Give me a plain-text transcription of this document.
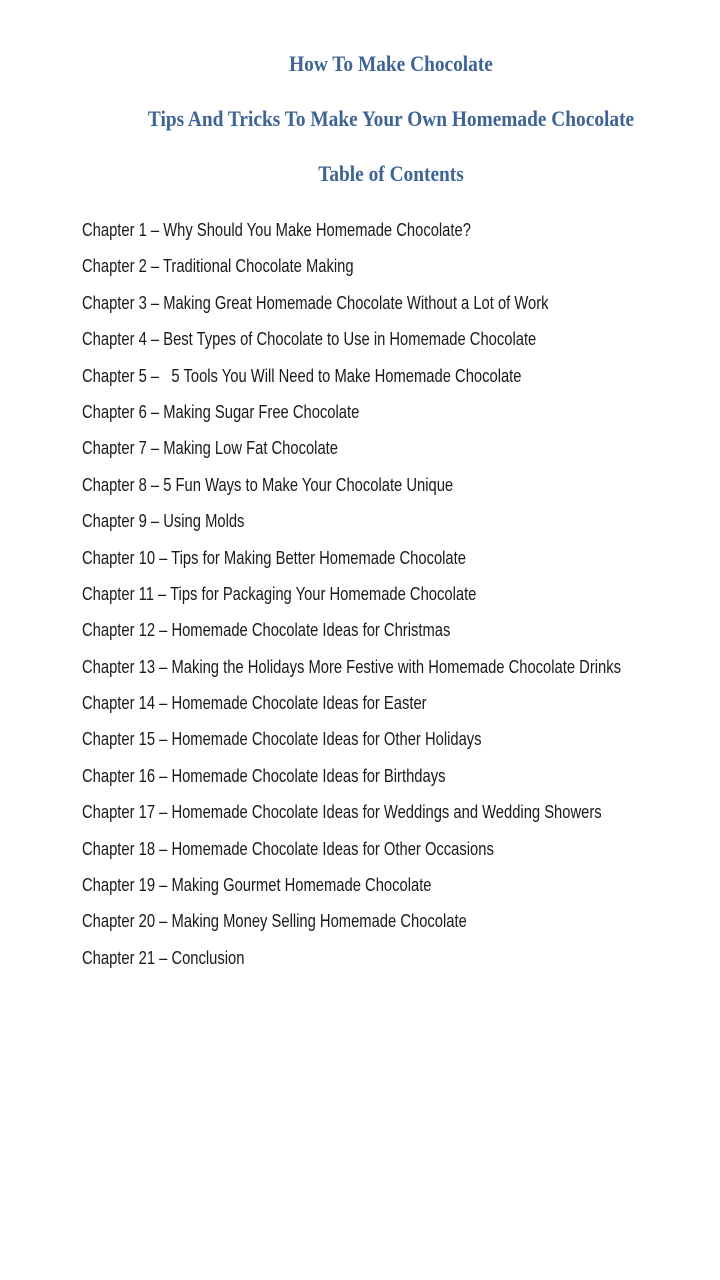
How To Make Chocolate
Tips And Tricks To Make Your Own Homemade Chocolate
Table of Contents
Chapter 1 – Why Should You Make Homemade Chocolate?
Chapter 2 – Traditional Chocolate Making
Chapter 3 – Making Great Homemade Chocolate Without a Lot of Work
Chapter 4 – Best Types of Chocolate to Use in Homemade Chocolate
Chapter 5 –   5 Tools You Will Need to Make Homemade Chocolate
Chapter 6 – Making Sugar Free Chocolate
Chapter 7 – Making Low Fat Chocolate
Chapter 8 – 5 Fun Ways to Make Your Chocolate Unique
Chapter 9 – Using Molds
Chapter 10 – Tips for Making Better Homemade Chocolate
Chapter 11 – Tips for Packaging Your Homemade Chocolate
Chapter 12 – Homemade Chocolate Ideas for Christmas
Chapter 13 – Making the Holidays More Festive with Homemade Chocolate Drinks
Chapter 14 – Homemade Chocolate Ideas for Easter
Chapter 15 – Homemade Chocolate Ideas for Other Holidays
Chapter 16 – Homemade Chocolate Ideas for Birthdays
Chapter 17 – Homemade Chocolate Ideas for Weddings and Wedding Showers
Chapter 18 – Homemade Chocolate Ideas for Other Occasions
Chapter 19 – Making Gourmet Homemade Chocolate
Chapter 20 – Making Money Selling Homemade Chocolate
Chapter 21 – Conclusion
